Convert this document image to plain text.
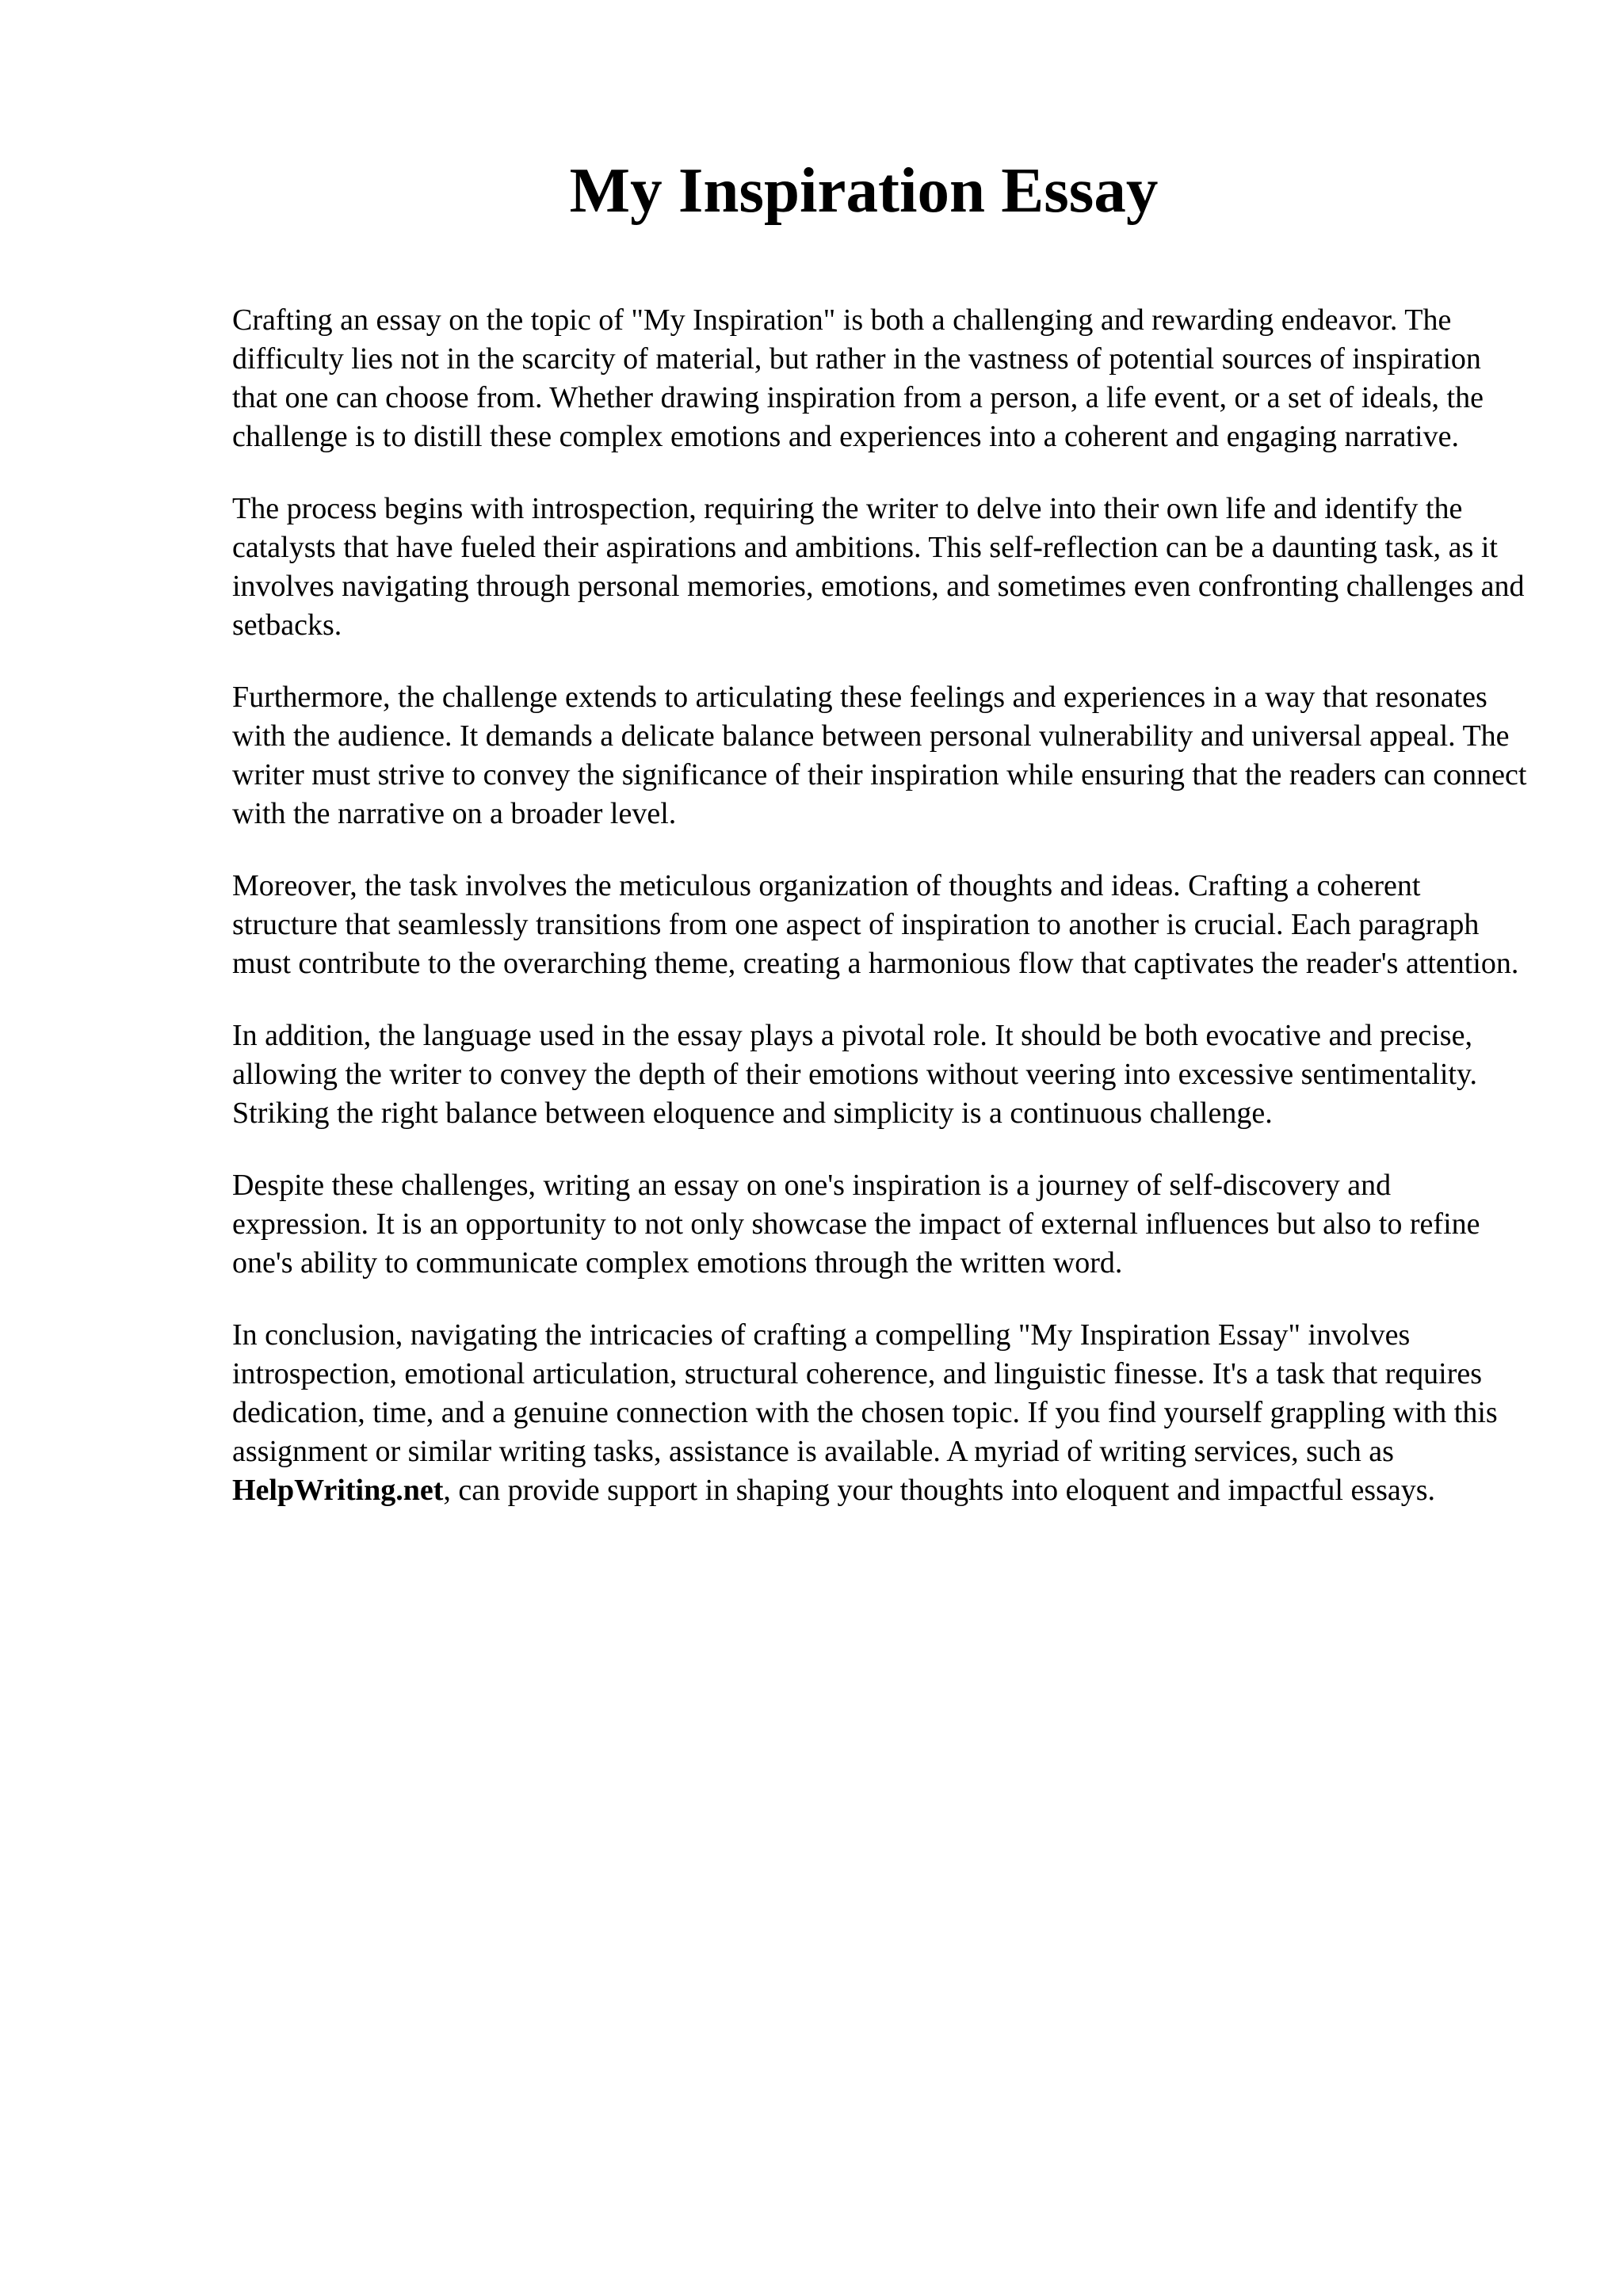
My Inspiration Essay

Crafting an essay on the topic of "My Inspiration" is both a challenging and rewarding endeavor. The difficulty lies not in the scarcity of material, but rather in the vastness of potential sources of inspiration that one can choose from. Whether drawing inspiration from a person, a life event, or a set of ideals, the challenge is to distill these complex emotions and experiences into a coherent and engaging narrative.

The process begins with introspection, requiring the writer to delve into their own life and identify the catalysts that have fueled their aspirations and ambitions. This self-reflection can be a daunting task, as it involves navigating through personal memories, emotions, and sometimes even confronting challenges and setbacks.

Furthermore, the challenge extends to articulating these feelings and experiences in a way that resonates with the audience. It demands a delicate balance between personal vulnerability and universal appeal. The writer must strive to convey the significance of their inspiration while ensuring that the readers can connect with the narrative on a broader level.

Moreover, the task involves the meticulous organization of thoughts and ideas. Crafting a coherent structure that seamlessly transitions from one aspect of inspiration to another is crucial. Each paragraph must contribute to the overarching theme, creating a harmonious flow that captivates the reader's attention.

In addition, the language used in the essay plays a pivotal role. It should be both evocative and precise, allowing the writer to convey the depth of their emotions without veering into excessive sentimentality. Striking the right balance between eloquence and simplicity is a continuous challenge.

Despite these challenges, writing an essay on one's inspiration is a journey of self-discovery and expression. It is an opportunity to not only showcase the impact of external influences but also to refine one's ability to communicate complex emotions through the written word.

In conclusion, navigating the intricacies of crafting a compelling "My Inspiration Essay" involves introspection, emotional articulation, structural coherence, and linguistic finesse. It's a task that requires dedication, time, and a genuine connection with the chosen topic. If you find yourself grappling with this assignment or similar writing tasks, assistance is available. A myriad of writing services, such as HelpWriting.net, can provide support in shaping your thoughts into eloquent and impactful essays.
